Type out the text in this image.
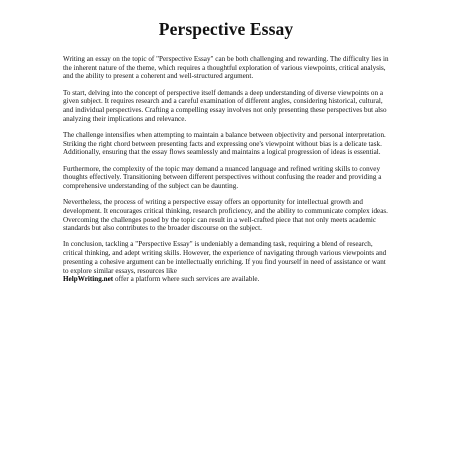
Perspective Essay

Writing an essay on the topic of "Perspective Essay" can be both challenging and rewarding. The difficulty lies in the inherent nature of the theme, which requires a thoughtful exploration of various viewpoints, critical analysis, and the ability to present a coherent and well-structured argument.

To start, delving into the concept of perspective itself demands a deep understanding of diverse viewpoints on a given subject. It requires research and a careful examination of different angles, considering historical, cultural, and individual perspectives. Crafting a compelling essay involves not only presenting these perspectives but also analyzing their implications and relevance.

The challenge intensifies when attempting to maintain a balance between objectivity and personal interpretation. Striking the right chord between presenting facts and expressing one's viewpoint without bias is a delicate task. Additionally, ensuring that the essay flows seamlessly and maintains a logical progression of ideas is essential.

Furthermore, the complexity of the topic may demand a nuanced language and refined writing skills to convey thoughts effectively. Transitioning between different perspectives without confusing the reader and providing a comprehensive understanding of the subject can be daunting.

Nevertheless, the process of writing a perspective essay offers an opportunity for intellectual growth and development. It encourages critical thinking, research proficiency, and the ability to communicate complex ideas. Overcoming the challenges posed by the topic can result in a well-crafted piece that not only meets academic standards but also contributes to the broader discourse on the subject.

In conclusion, tackling a "Perspective Essay" is undeniably a demanding task, requiring a blend of research, critical thinking, and adept writing skills. However, the experience of navigating through various viewpoints and presenting a cohesive argument can be intellectually enriching. If you find yourself in need of assistance or want to explore similar essays, resources like
HelpWriting.net offer a platform where such services are available.
